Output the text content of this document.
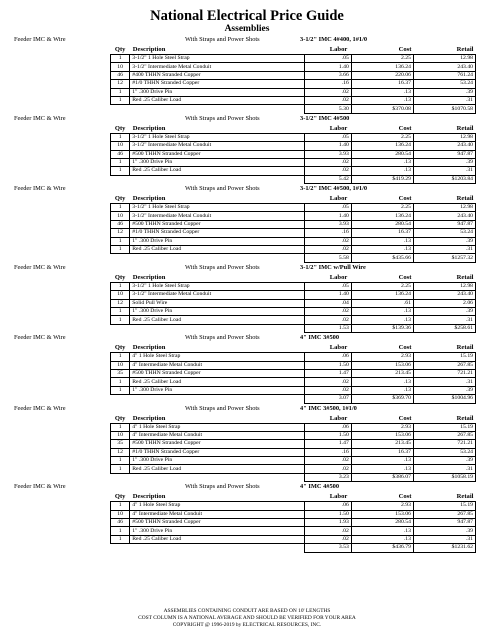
National Electrical Price Guide
Assemblies
Feeder IMC & Wire	With Straps and Power Shots	3-1/2" IMC 4#400, 1#1/0
Qty	Description	Labor	Cost	Retail
1	3-1/2" 1 Hole Steel Strap	.05	2.25	12.98
10	3-1/2" Intermediate Metal Conduit	1.40	136.24	243.40
46	#400 THHN Stranded Copper	3.66	220.06	761.24
12	#1/0 THHN Stranded Copper	.16	16.37	53.24
1	1" .300 Drive Pin	.02	.13	.39
1	Red .25 Caliber Load	.02	.13	.31
		5.30	$370.08	$1070.58
Feeder IMC & Wire	With Straps and Power Shots	3-1/2" IMC 4#500
Qty	Description	Labor	Cost	Retail
1	3-1/2" 1 Hole Steel Strap	.05	2.25	12.98
10	3-1/2" Intermediate Metal Conduit	1.40	136.24	243.40
46	#500 THHN Stranded Copper	3.93	280.54	947.87
1	1" .300 Drive Pin	.02	.13	.39
1	Red .25 Caliber Load	.02	.13	.31
		5.42	$419.29	$1203.84
Feeder IMC & Wire	With Straps and Power Shots	3-1/2" IMC 4#500, 1#1/0
Qty	Description	Labor	Cost	Retail
1	3-1/2" 1 Hole Steel Strap	.05	2.25	12.98
10	3-1/2" Intermediate Metal Conduit	1.40	136.24	243.40
46	#500 THHN Stranded Copper	3.93	280.54	947.87
12	#1/0 THHN Stranded Copper	.16	16.37	53.24
1	1" .300 Drive Pin	.02	.13	.39
1	Red .25 Caliber Load	.02	.13	.31
		5.58	$435.66	$1257.32
Feeder IMC & Wire	With Straps and Power Shots	3-1/2" IMC w/Pull Wire
Qty	Description	Labor	Cost	Retail
1	3-1/2" 1 Hole Steel Strap	.05	2.25	12.98
10	3-1/2" Intermediate Metal Conduit	1.40	136.24	243.40
12	Solid Pull Wire	.04	.61	2.06
1	1" .300 Drive Pin	.02	.13	.39
1	Red .25 Caliber Load	.02	.13	.31
		1.53	$139.36	$258.61
Feeder IMC & Wire	With Straps and Power Shots	4" IMC 3#500
Qty	Description	Labor	Cost	Retail
1	4" 1 Hole Steel Strap	.06	2.93	15.19
10	4" Intermediate Metal Conduit	1.50	153.06	267.85
35	#500 THHN Stranded Copper	1.47	213.45	721.21
1	Red .25 Caliber Load	.02	.13	.31
1	1" .300 Drive Pin	.02	.13	.39
		3.07	$369.70	$1004.96
Feeder IMC & Wire	With Straps and Power Shots	4" IMC 3#500, 1#1/0
Qty	Description	Labor	Cost	Retail
1	4" 1 Hole Steel Strap	.06	2.93	15.19
10	4" Intermediate Metal Conduit	1.50	153.06	267.85
35	#500 THHN Stranded Copper	1.47	213.45	721.21
12	#1/0 THHN Stranded Copper	.16	16.37	53.24
1	1" .300 Drive Pin	.02	.13	.39
1	Red .25 Caliber Load	.02	.13	.31
		3.23	$386.07	$1058.19
Feeder IMC & Wire	With Straps and Power Shots	4" IMC 4#500
Qty	Description	Labor	Cost	Retail
1	4" 1 Hole Steel Strap	.06	2.93	15.19
10	4" Intermediate Metal Conduit	1.50	153.06	267.85
46	#500 THHN Stranded Copper	1.93	280.54	947.87
1	1" .300 Drive Pin	.02	.13	.39
1	Red .25 Caliber Load	.02	.13	.31
		3.53	$436.79	$1231.62
ASSEMBLIES CONTAINING CONDUIT ARE BASED ON 10' LENGTHS
COST COLUMN IS A NATIONAL AVERAGE AND SHOULD BE VERIFIED FOR YOUR AREA
COPYRIGHT @ 1996-2019 by ELECTRICAL RESOURCES, INC.
